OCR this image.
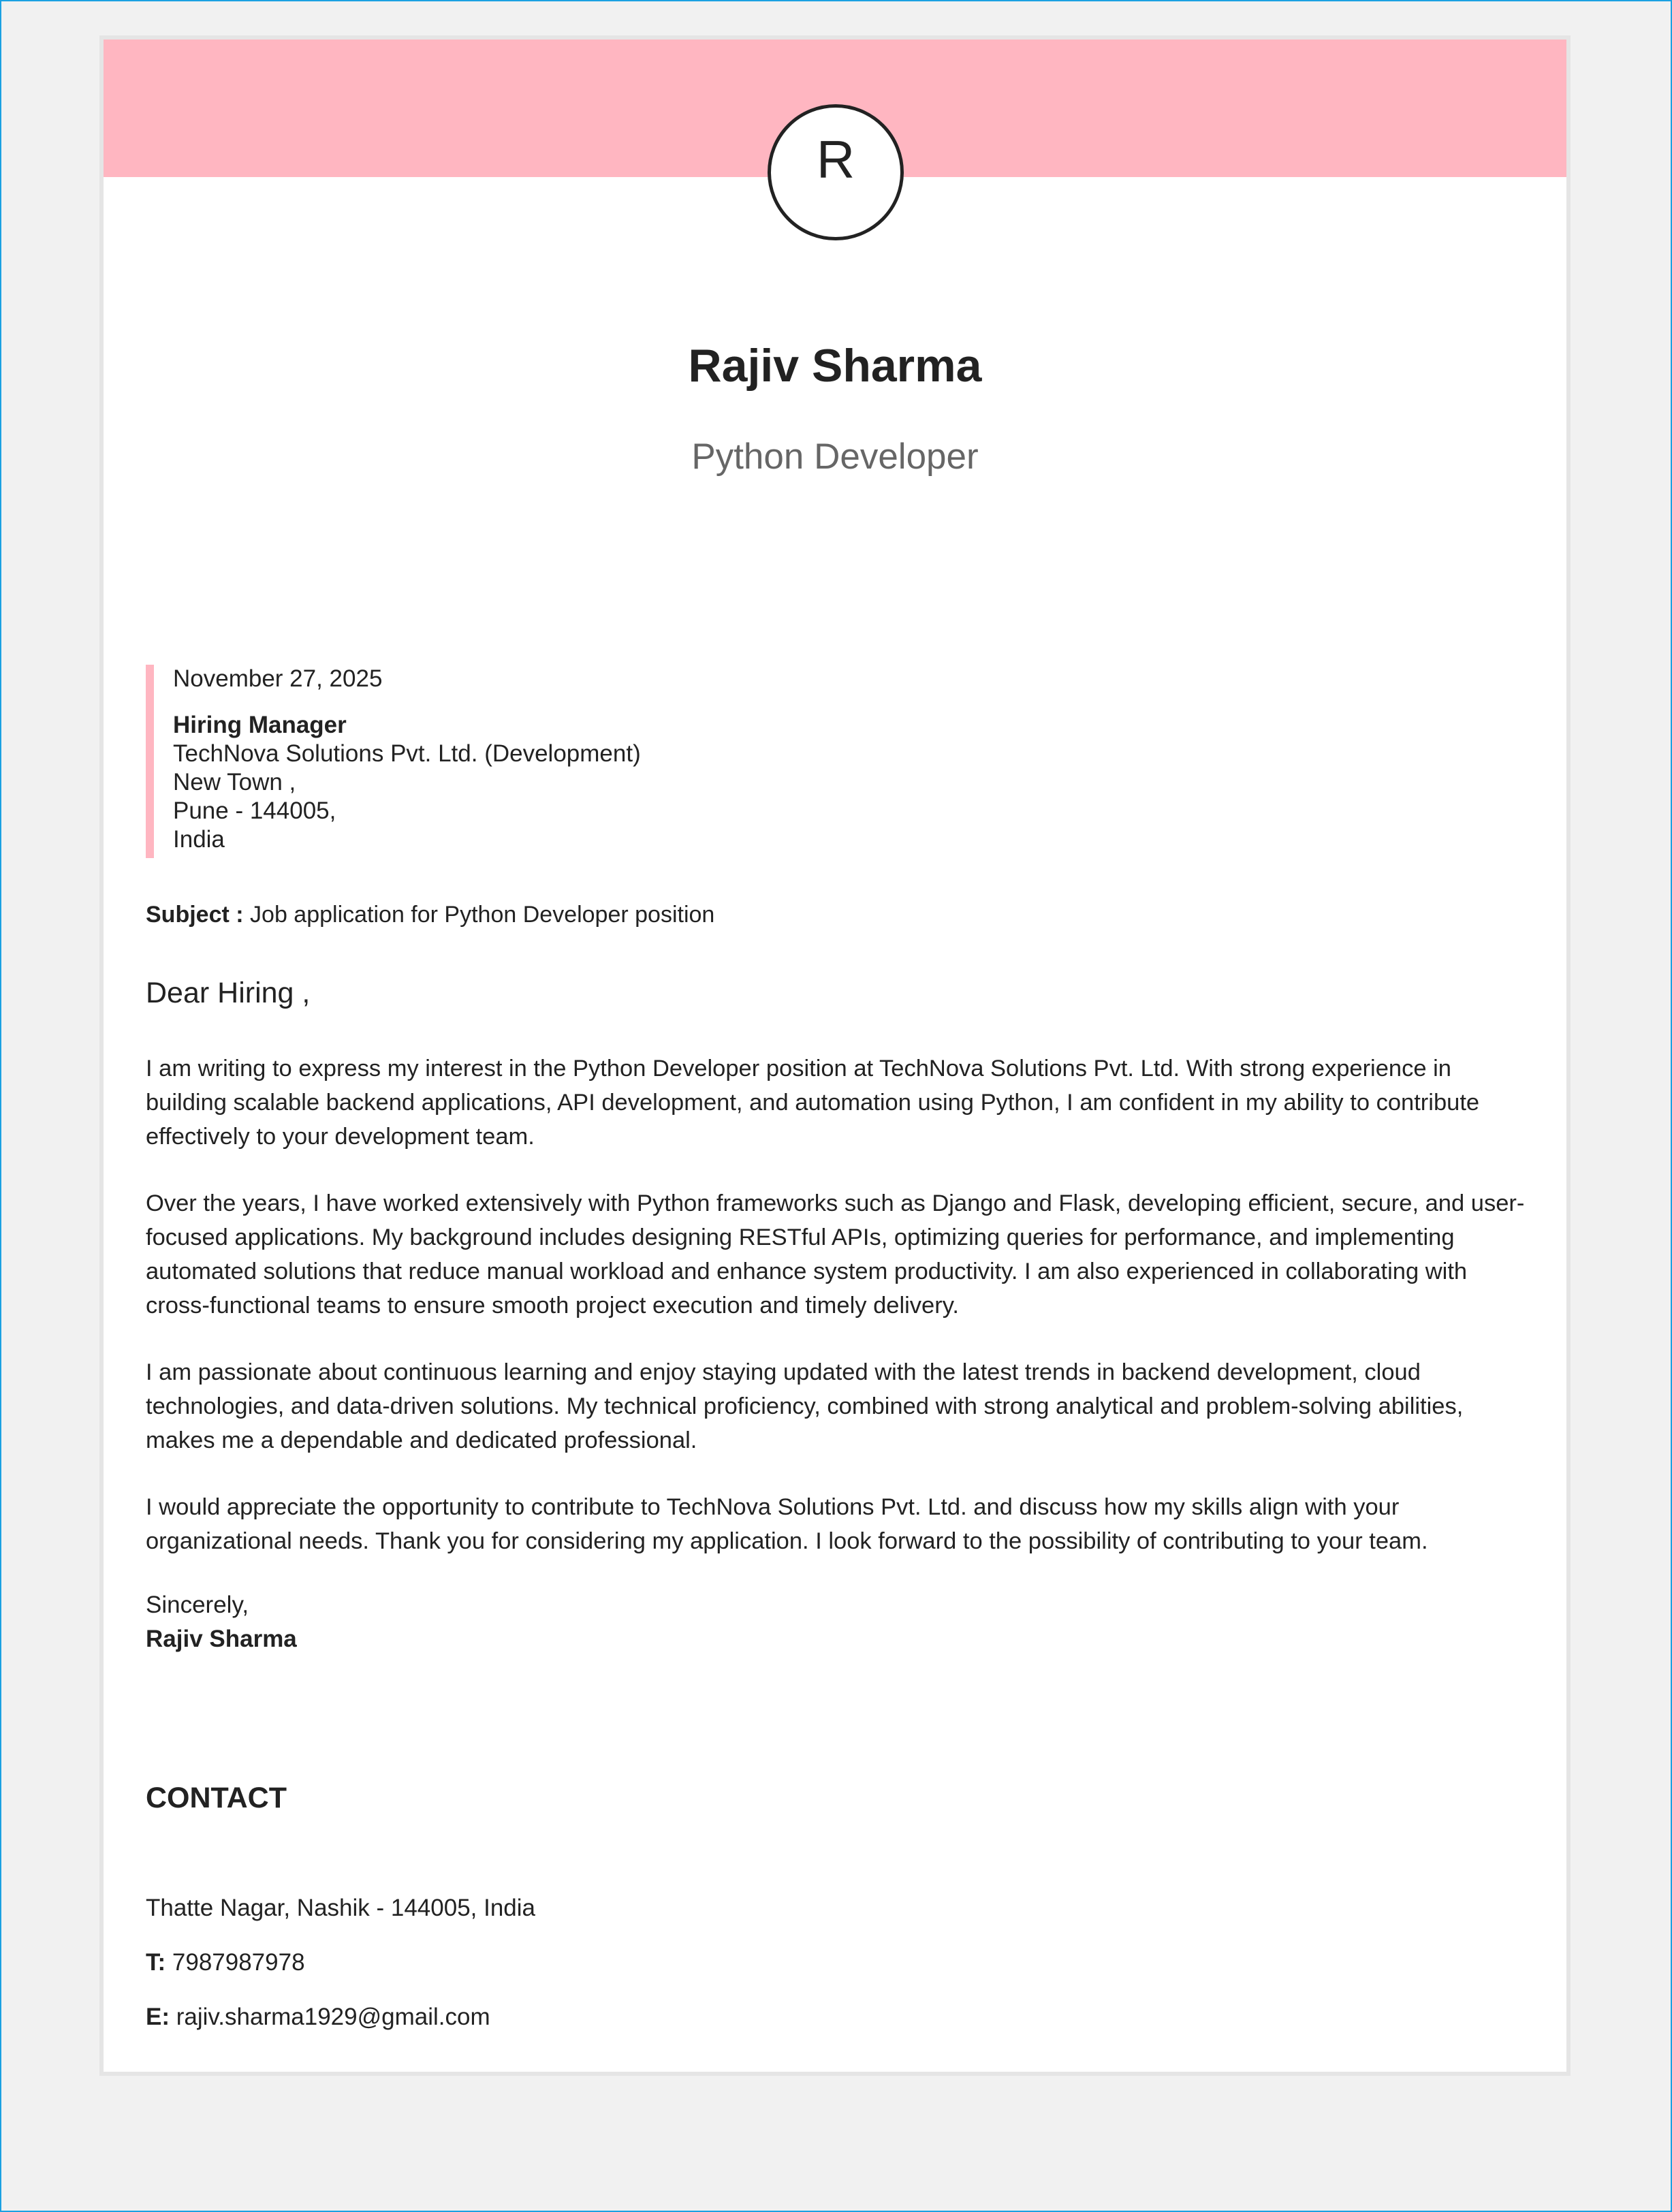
R
Rajiv Sharma
Python Developer
November 27, 2025
Hiring Manager
TechNova Solutions Pvt. Ltd. (Development)
New Town ,
Pune - 144005,
India
Subject : Job application for Python Developer position
Dear Hiring ,

I am writing to express my interest in the Python Developer position at TechNova Solutions Pvt. Ltd. With strong experience in building scalable backend applications, API development, and automation using Python, I am confident in my ability to contribute effectively to your development team.

Over the years, I have worked extensively with Python frameworks such as Django and Flask, developing efficient, secure, and user-focused applications. My background includes designing RESTful APIs, optimizing queries for performance, and implementing automated solutions that reduce manual workload and enhance system productivity. I am also experienced in collaborating with cross-functional teams to ensure smooth project execution and timely delivery.

I am passionate about continuous learning and enjoy staying updated with the latest trends in backend development, cloud technologies, and data-driven solutions. My technical proficiency, combined with strong analytical and problem-solving abilities, makes me a dependable and dedicated professional.

I would appreciate the opportunity to contribute to TechNova Solutions Pvt. Ltd. and discuss how my skills align with your organizational needs. Thank you for considering my application. I look forward to the possibility of contributing to your team.

Sincerely,
Rajiv Sharma
CONTACT
Thatte Nagar, Nashik - 144005, India
T: 7987987978
E: rajiv.sharma1929@gmail.com
